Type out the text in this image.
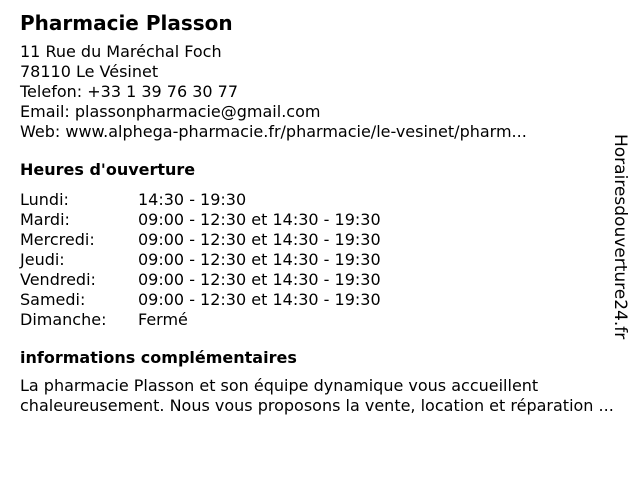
Pharmacie Plasson
11 Rue du Maréchal Foch
78110 Le Vésinet
Telefon: +33 1 39 76 30 77
Email: plassonpharmacie@gmail.com
Web: www.alphega-pharmacie.fr/pharmacie/le-vesinet/pharm...
Heures d'ouverture
Lundi:	14:30 - 19:30
Mardi:	09:00 - 12:30 et 14:30 - 19:30
Mercredi:	09:00 - 12:30 et 14:30 - 19:30
Jeudi:	09:00 - 12:30 et 14:30 - 19:30
Vendredi:	09:00 - 12:30 et 14:30 - 19:30
Samedi:	09:00 - 12:30 et 14:30 - 19:30
Dimanche:	Fermé
informations complémentaires
La pharmacie Plasson et son équipe dynamique vous accueillent chaleureusement. Nous vous proposons la vente, location et réparation ...
Horairesdouverture24.fr
